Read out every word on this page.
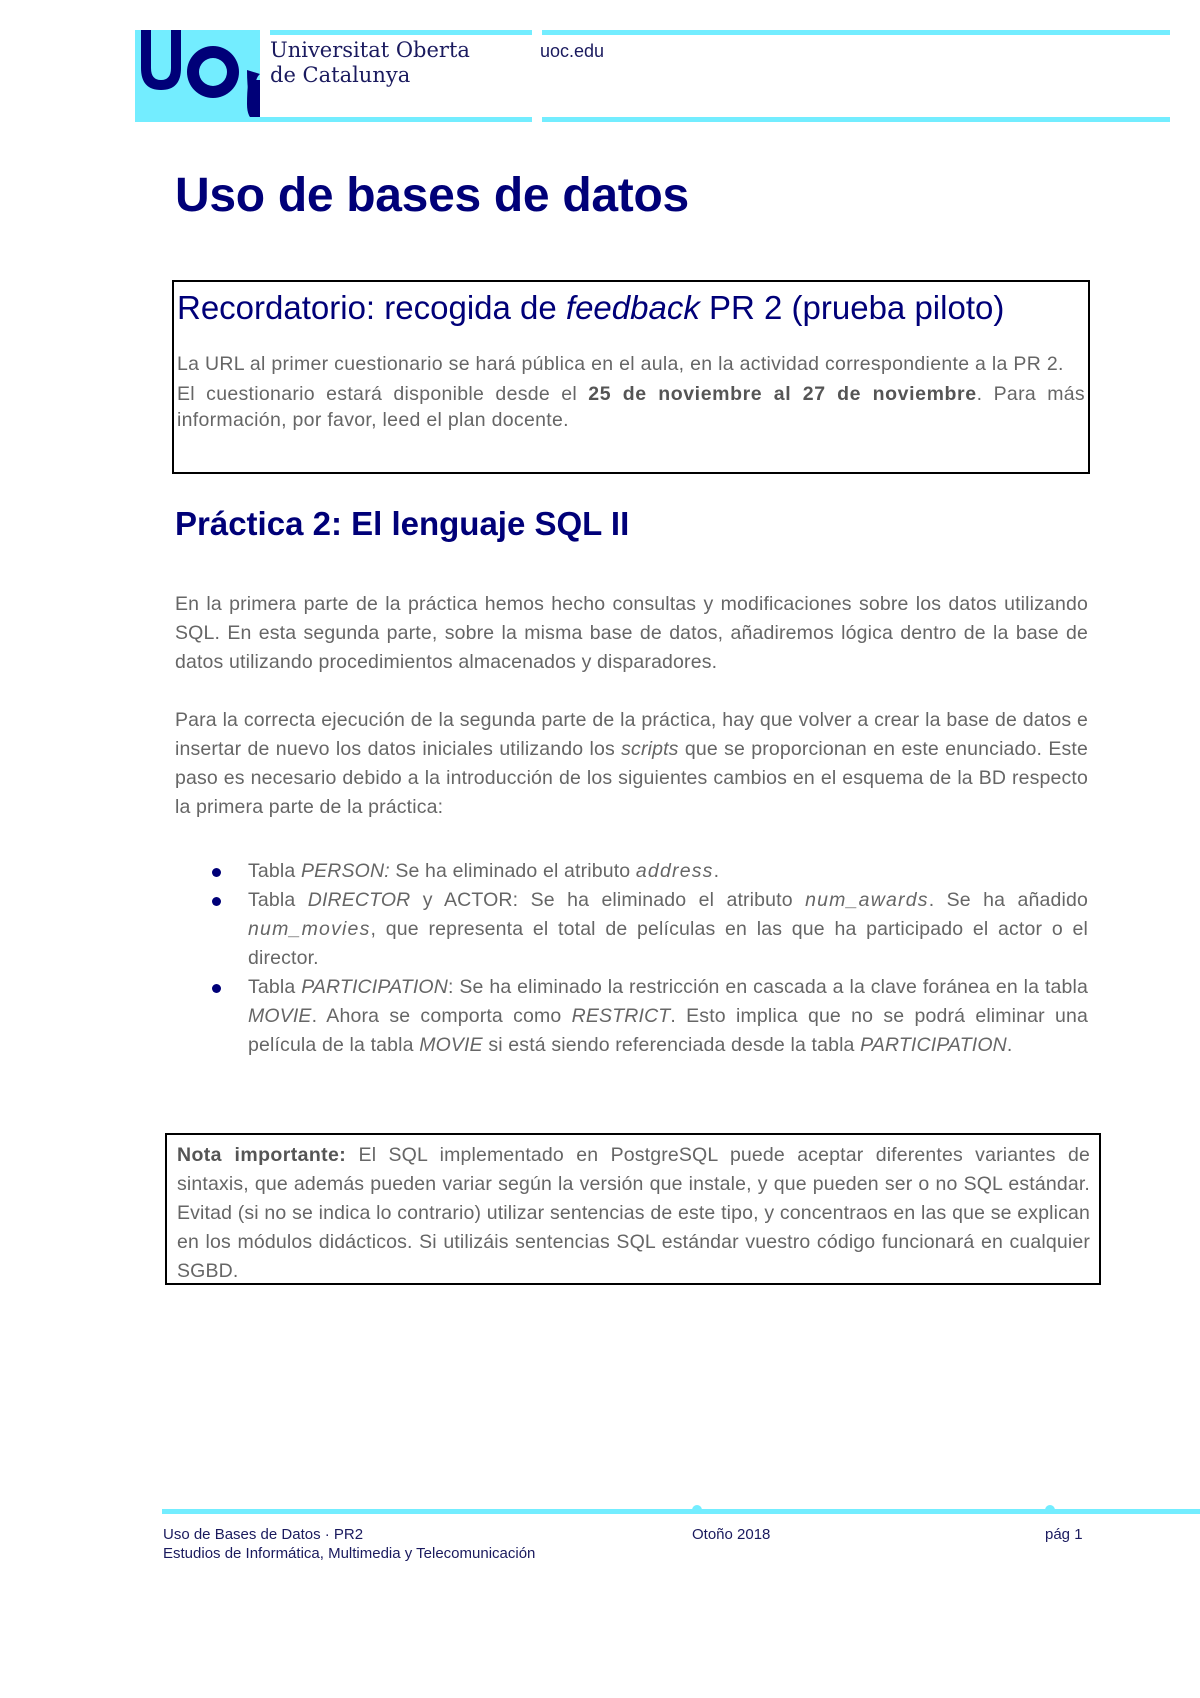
Universitat Oberta
de Catalunya
uoc.edu
Uso de bases de datos
Recordatorio: recogida de feedback PR 2 (prueba piloto)

La URL al primer cuestionario se hará pública en el aula, en la actividad correspondiente a la PR 2.

El cuestionario estará disponible desde el 25 de noviembre al 27 de noviembre. Para más información, por favor, leed el plan docente.

Práctica 2: El lenguaje SQL II

En la primera parte de la práctica hemos hecho consultas y modificaciones sobre los datos utilizando SQL. En esta segunda parte, sobre la misma base de datos, añadiremos lógica dentro de la base de datos utilizando procedimientos almacenados y disparadores.

Para la correcta ejecución de la segunda parte de la práctica, hay que volver a crear la base de datos e insertar de nuevo los datos iniciales utilizando los scripts que se proporcionan en este enunciado. Este paso es necesario debido a la introducción de los siguientes cambios en el esquema de la BD respecto la primera parte de la práctica:

Tabla PERSON: Se ha eliminado el atributo address.
Tabla DIRECTOR y ACTOR: Se ha eliminado el atributo num_awards. Se ha añadido num_movies, que representa el total de películas en las que ha participado el actor o el director.
Tabla PARTICIPATION: Se ha eliminado la restricción en cascada a la clave foránea en la tabla MOVIE. Ahora se comporta como RESTRICT. Esto implica que no se podrá eliminar una película de la tabla MOVIE si está siendo referenciada desde la tabla PARTICIPATION.

Nota importante: El SQL implementado en PostgreSQL puede aceptar diferentes variantes de sintaxis, que además pueden variar según la versión que instale, y que pueden ser o no SQL estándar. Evitad (si no se indica lo contrario) utilizar sentencias de este tipo, y concentraos en las que se explican en los módulos didácticos. Si utilizáis sentencias SQL estándar vuestro código funcionará en cualquier SGBD.

Uso de Bases de Datos · PR2
Estudios de Informática, Multimedia y Telecomunicación
Otoño 2018	pág 1
